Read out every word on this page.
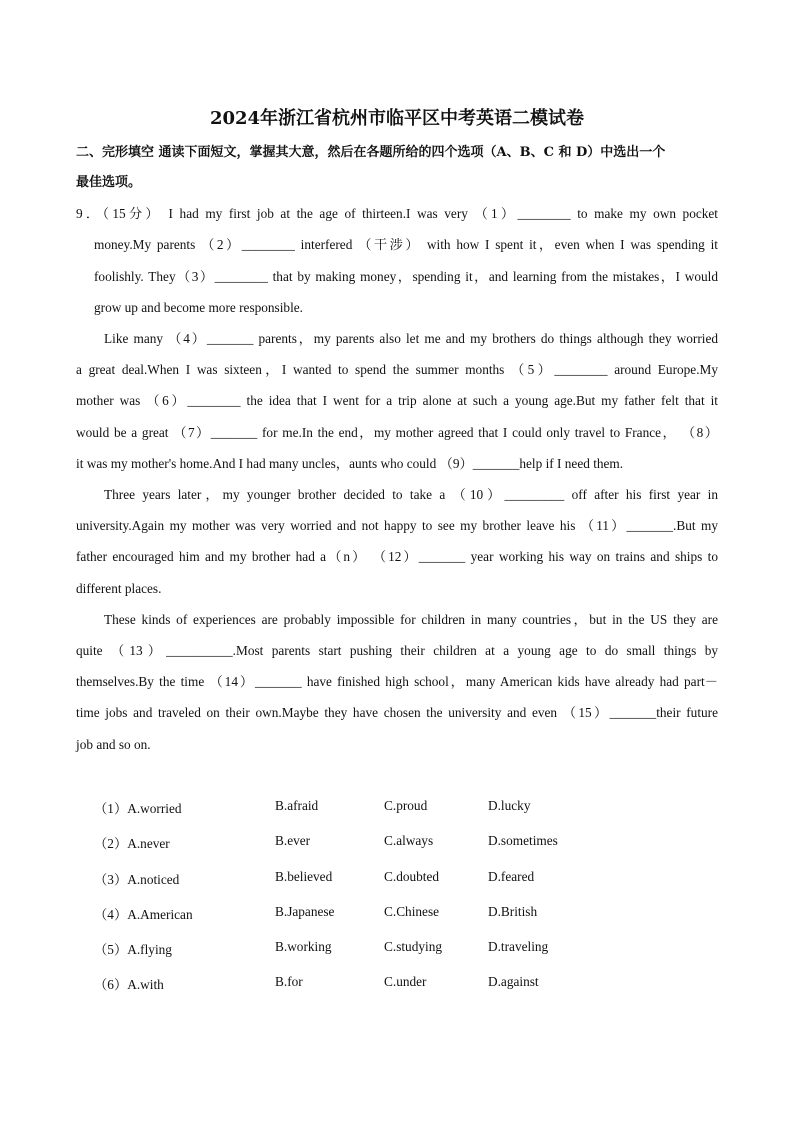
2024年浙江省杭州市临平区中考英语二模试卷
二、完形填空 通读下面短文，掌握其大意，然后在各题所给的四个选项（A、B、C 和 D）中选出一个
最佳选项。
9．（15分） I had my first job at the age of thirteen.I was very （1）________ to make my own pocket
money.My parents （2）________ interfered （干涉） with how I spent it，even when I was spending it
foolishly. They（3）________ that by making money，spending it，and learning from the mistakes，I would
grow up and become more responsible.
Like many （4）_______ parents，my parents also let me and my brothers do things although they worried
a great deal.When I was sixteen，I wanted to spend the summer months （5）________ around Europe.My
mother was （6）________ the idea that I went for a trip alone at such a young age.But my father felt that it
would be a great （7）_______ for me.In the end，my mother agreed that I could only travel to France， （8）
it was my mother's home.And I had many uncles，aunts who could （9）_______help if I need them.
Three years later，my younger brother decided to take a （10）_________ off after his first year in
university.Again my mother was very worried and not happy to see my brother leave his （11）_______.But my
father encouraged him and my brother had a（n） （12）_______ year working his way on trains and ships to
different places.
These kinds of experiences are probably impossible for children in many countries，but in the US they are
quite （13）__________.Most parents start pushing their children at a young age to do small things by
themselves.By the time （14）_______ have finished high school，many American kids have already had part－
time jobs and traveled on their own.Maybe they have chosen the university and even （15）_______their future
job and so on.
（1）A.worried	B.afraid	C.proud	D.lucky
（2）A.never	B.ever	C.always	D.sometimes
（3）A.noticed	B.believed	C.doubted	D.feared
（4）A.American	B.Japanese	C.Chinese	D.British
（5）A.flying	B.working	C.studying	D.traveling
（6）A.with	B.for	C.under	D.against
